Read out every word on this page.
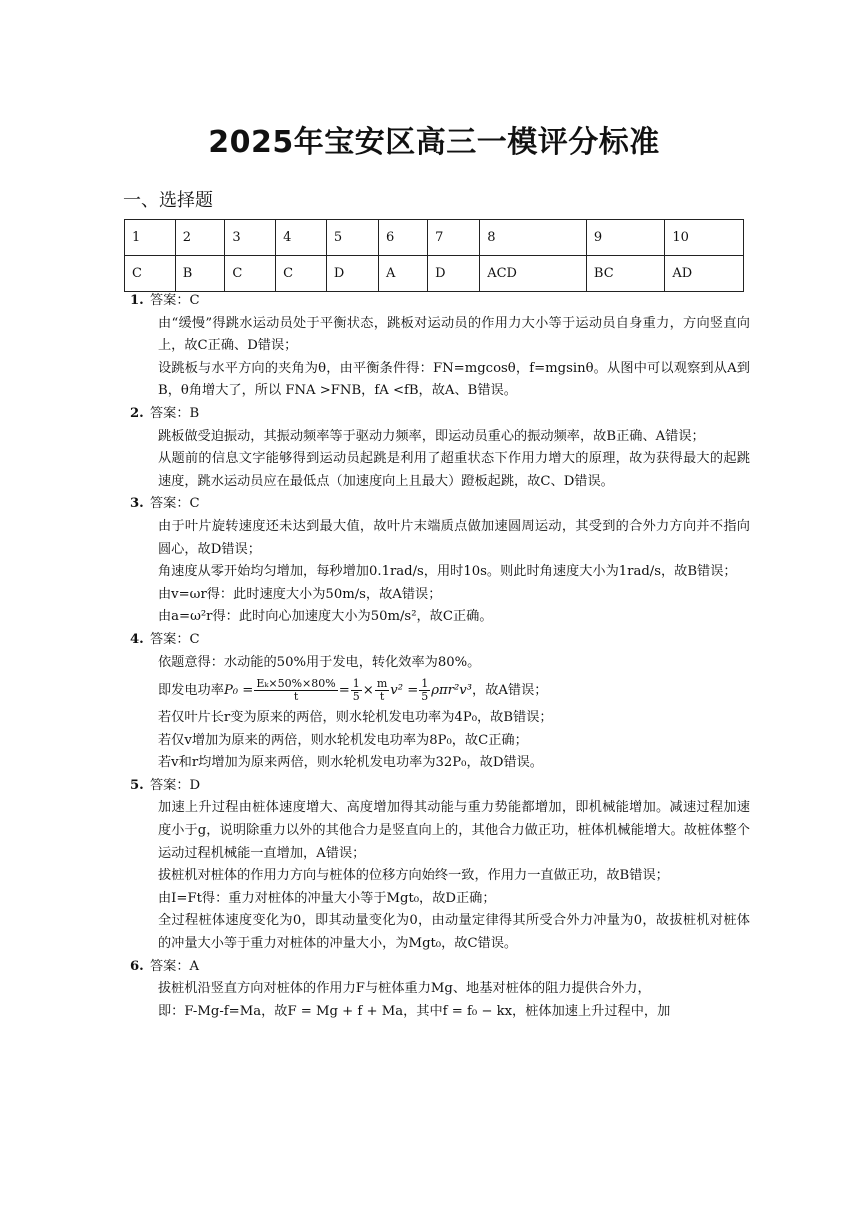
2025年宝安区高三一模评分标准
一、选择题
1	2	3	4	5	6	7	8	9	10
C	B	C	C	D	A	D	ACD	BC	AD
1. 答案：C
由“缓慢”得跳水运动员处于平衡状态，跳板对运动员的作用力大小等于运动员自身重力，方向竖直向上，故C正确、D错误；
设跳板与水平方向的夹角为θ，由平衡条件得：FN=mgcosθ，f=mgsinθ。从图中可以观察到从A到B，θ角增大了，所以 FNA >FNB，fA <fB，故A、B错误。
2. 答案：B
跳板做受迫振动，其振动频率等于驱动力频率，即运动员重心的振动频率，故B正确、A错误；
从题前的信息文字能够得到运动员起跳是利用了超重状态下作用力增大的原理，故为获得最大的起跳速度，跳水运动员应在最低点（加速度向上且最大）蹬板起跳，故C、D错误。
3. 答案：C
由于叶片旋转速度还未达到最大值，故叶片末端质点做加速圆周运动，其受到的合外力方向并不指向圆心，故D错误；
角速度从零开始均匀增加，每秒增加0.1rad/s，用时10s。则此时角速度大小为1rad/s，故B错误；
由v=ωr得：此时速度大小为50m/s，故A错误；
由a=ω²r得：此时向心加速度大小为50m/s²，故C正确。
4. 答案：C
依题意得：水动能的50%用于发电，转化效率为80%。
即发电功率$P_0 = \frac{\text{Eₖ×50\%×80\%}}{t} = \frac{1}{5} \times \frac{m}{t} v^2 = \frac{1}{5} \rho\pi r^2v^3$，故A错误；
若仅叶片长r变为原来的两倍，则水轮机发电功率为4P₀，故B错误；
若仅v增加为原来的两倍，则水轮机发电功率为8P₀，故C正确；
若v和r均增加为原来两倍，则水轮机发电功率为32P₀，故D错误。
5. 答案：D
加速上升过程由桩体速度增大、高度增加得其动能与重力势能都增加，即机械能增加。减速过程加速度小于g，说明除重力以外的其他合力是竖直向上的，其他合力做正功，桩体机械能增大。故桩体整个运动过程机械能一直增加，A错误；
拔桩机对桩体的作用力方向与桩体的位移方向始终一致，作用力一直做正功，故B错误；
由I=Ft得：重力对桩体的冲量大小等于Mgt₀，故D正确；
全过程桩体速度变化为0，即其动量变化为0，由动量定律得其所受合外力冲量为0，故拔桩机对桩体的冲量大小等于重力对桩体的冲量大小，为Mgt₀，故C错误。
6. 答案：A
拔桩机沿竖直方向对桩体的作用力F与桩体重力Mg、地基对桩体的阻力提供合外力，
即：F-Mg-f=Ma，故F = Mg + f + Ma，其中f = f₀ − kx，桩体加速上升过程中，加
